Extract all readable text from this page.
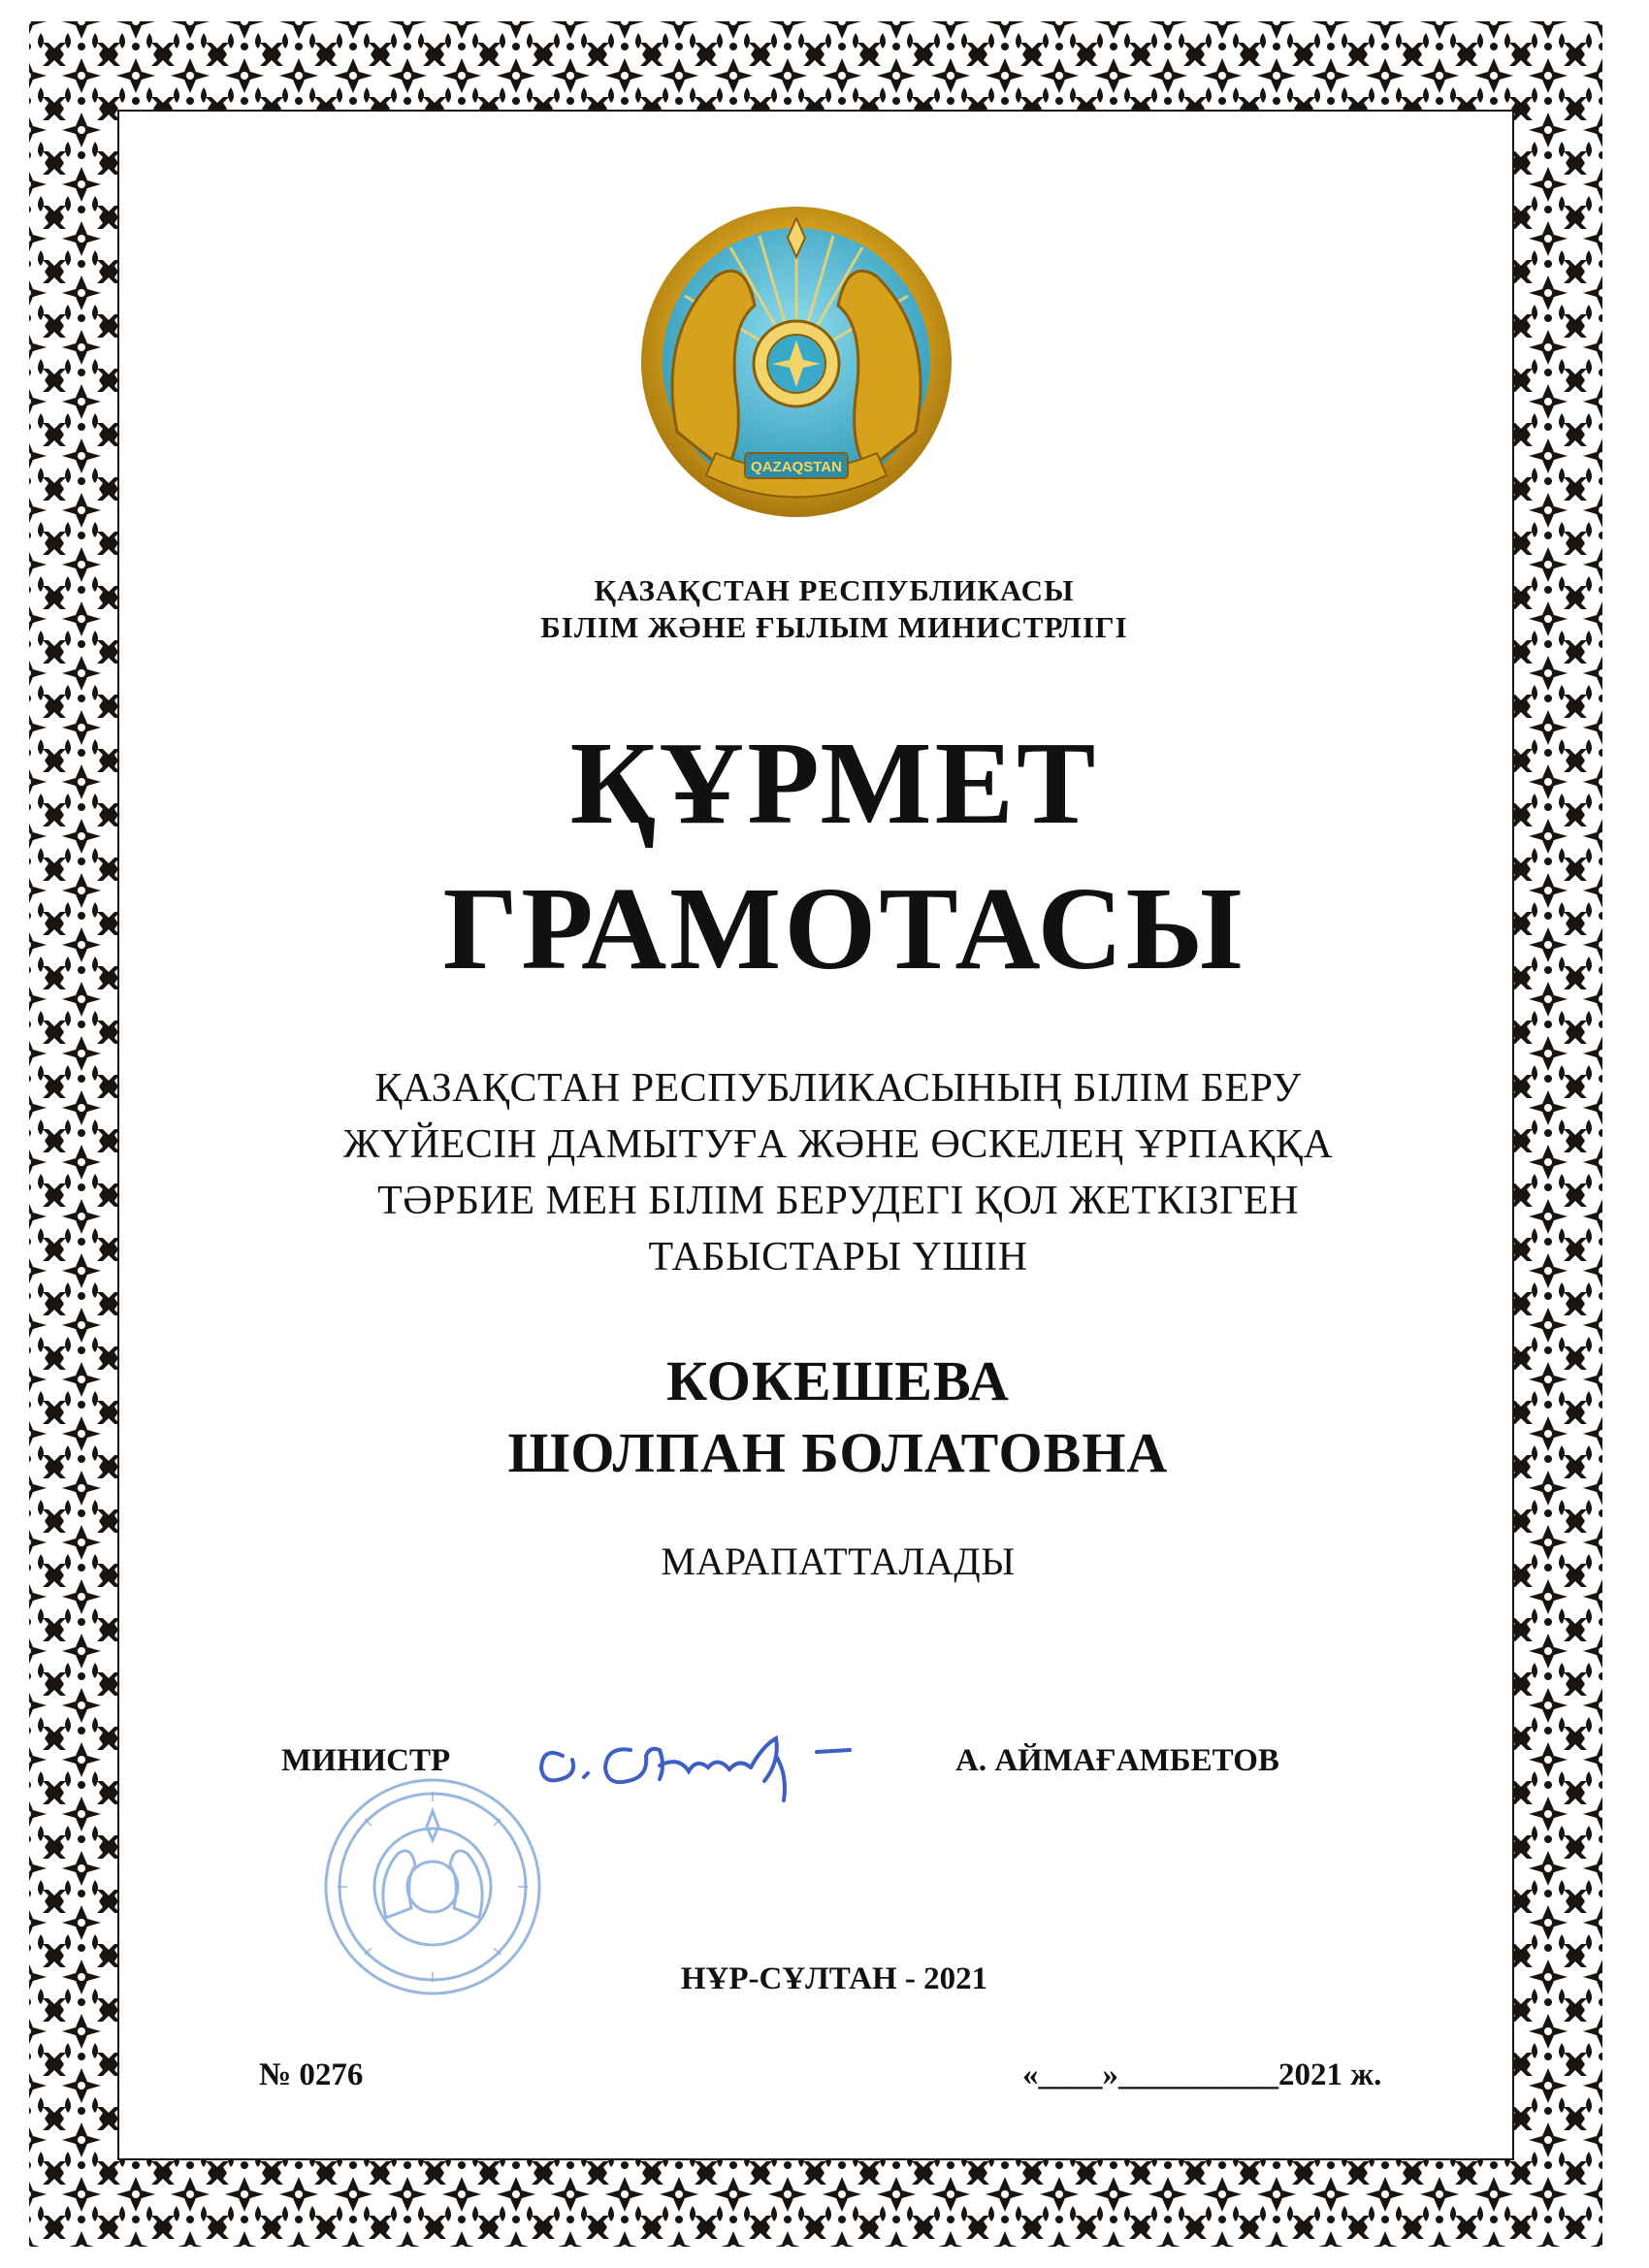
QAZAQSTAN
ҚАЗАҚСТАН РЕСПУБЛИКАСЫ
БІЛІМ ЖӘНЕ ҒЫЛЫМ МИНИСТРЛІГІ
ҚҰРМЕТ
ГРАМОТАСЫ
ҚАЗАҚСТАН РЕСПУБЛИКАСЫНЫҢ БІЛІМ БЕРУ
ЖҮЙЕСІН ДАМЫТУҒА ЖӘНЕ ӨСКЕЛЕҢ ҰРПАҚҚА
ТӘРБИЕ МЕН БІЛІМ БЕРУДЕГІ ҚОЛ ЖЕТКІЗГЕН
ТАБЫСТАРЫ ҮШІН
КОКЕШЕВА
ШОЛПАН БОЛАТОВНА
МАРАПАТТАЛАДЫ
МИНИСТР	А. АЙМАҒАМБЕТОВ
НҰР-СҰЛТАН - 2021
№ 0276	«____»__________2021 ж.
